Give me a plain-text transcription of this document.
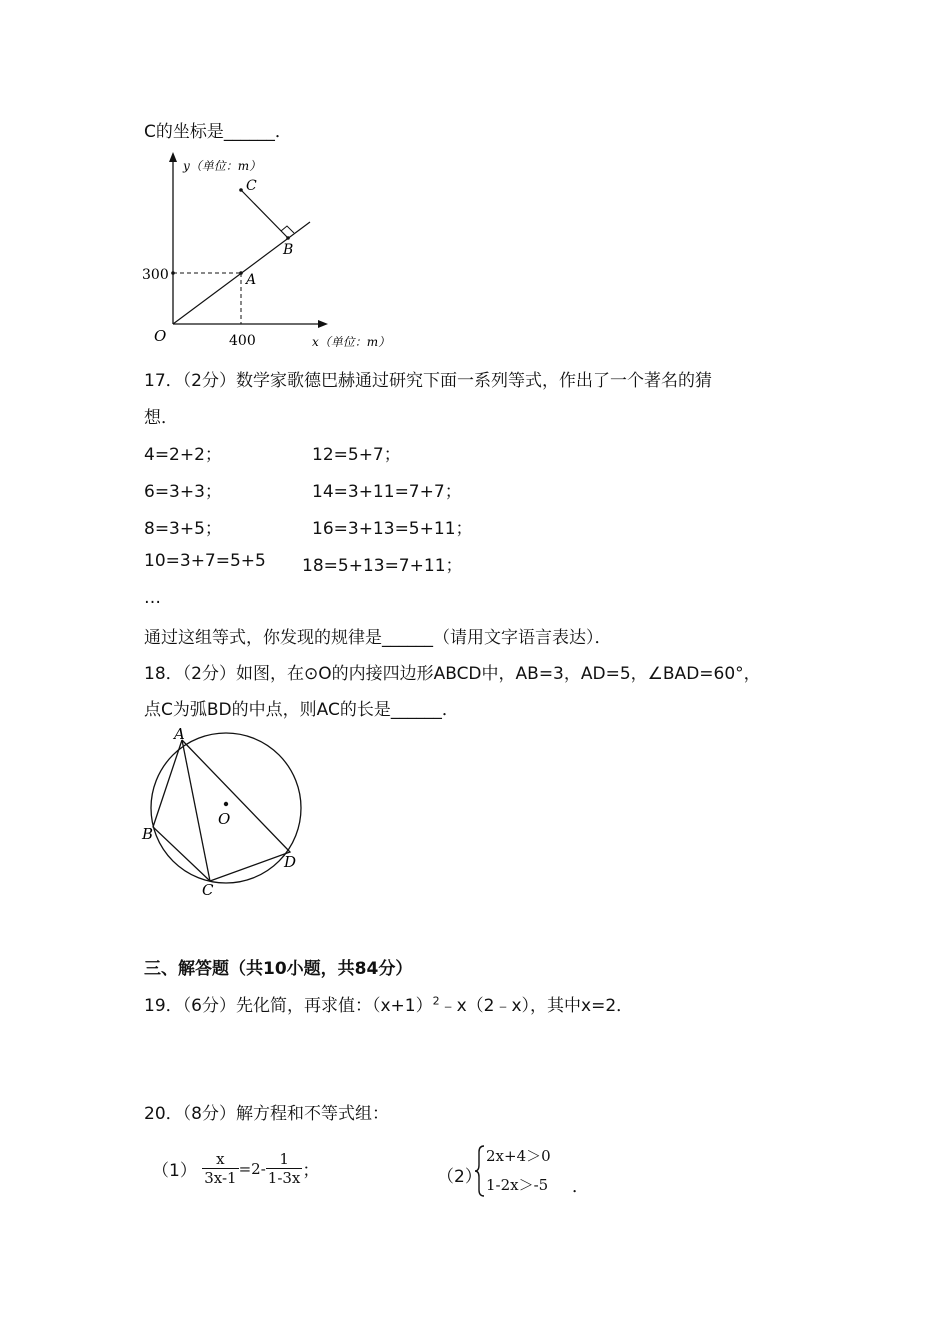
C的坐标是______．
y（单位：m）
x（单位：m）
O
A
B
C
300
400
17．（2分）数学家歌德巴赫通过研究下面一系列等式，作出了一个著名的猜
想．
4=2+2；
6=3+3；
8=3+5；
10=3+7=5+5
12=5+7；
14=3+11=7+7；
16=3+13=5+11；
18=5+13=7+11；
…
通过这组等式，你发现的规律是______（请用文字语言表达）．
18．（2分）如图，在⊙O的内接四边形ABCD中，AB=3，AD=5，∠BAD=60°，
点C为弧BD的中点，则AC的长是______．
A
B
C
D
O
三、解答题（共10小题，共84分）
19．（6分）先化简，再求值：$(x+1)^2﹣x(2﹣x)$，其中x=2．
20．（8分）解方程和不等式组：
$(1) \frac{x}{3x-1} =2- \frac{1}{1-3x}$ ；	（2）
2x+4＞0
1-2x＞-5 ．
